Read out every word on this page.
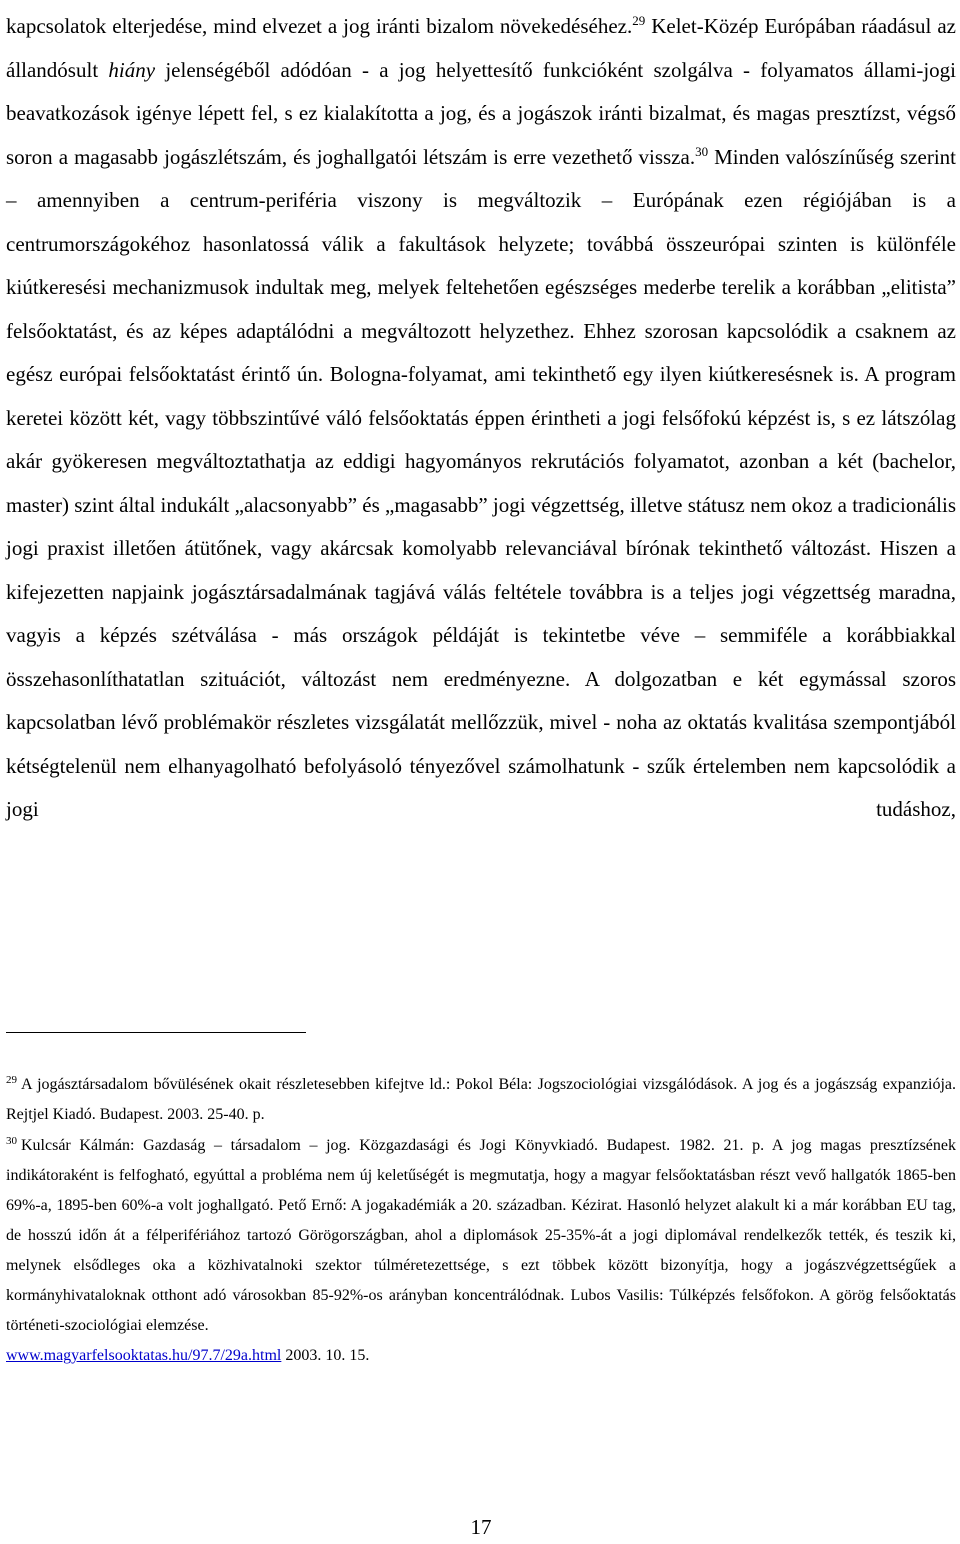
kapcsolatok elterjedése, mind elvezet a jog iránti bizalom növekedéséhez.$^{29}$ Kelet-Közép Európában ráadásul az állandósult hiány jelenségéből adódóan - a jog helyettesítő funkcióként szolgálva - folyamatos állami-jogi beavatkozások igénye lépett fel, s ez kialakította a jog, és a jogászok iránti bizalmat, és magas presztízst, végső soron a magasabb jogászlétszám, és joghallgatói létszám is erre vezethető vissza.$^{30}$ Minden valószínűség szerint – amennyiben a centrum-periféria viszony is megváltozik – Európának ezen régiójában is a centrumországokéhoz hasonlatossá válik a fakultások helyzete; továbbá összeurópai szinten is különféle kiútkeresési mechanizmusok indultak meg, melyek feltehetően egészséges mederbe terelik a korábban „elitista” felsőoktatást, és az képes adaptálódni a megváltozott helyzethez. Ehhez szorosan kapcsolódik a csaknem az egész európai felsőoktatást érintő ún. Bologna-folyamat, ami tekinthető egy ilyen kiútkeresésnek is. A program keretei között két, vagy többszintűvé váló felsőoktatás éppen érintheti a jogi felsőfokú képzést is, s ez látszólag akár gyökeresen megváltoztathatja az eddigi hagyományos rekrutációs folyamatot, azonban a két (bachelor, master) szint által indukált „alacsonyabb” és „magasabb” jogi végzettség, illetve státusz nem okoz a tradicionális jogi praxist illetően átütőnek, vagy akárcsak komolyabb relevanciával bírónak tekinthető változást. Hiszen a kifejezetten napjaink jogásztársadalmának tagjává válás feltétele továbbra is a teljes jogi végzettség maradna, vagyis a képzés szétválása - más országok példáját is tekintetbe véve – semmiféle a korábbiakkal összehasonlíthatatlan szituációt, változást nem eredményezne. A dolgozatban e két egymással szoros kapcsolatban lévő problémakör részletes vizsgálatát mellőzzük, mivel - noha az oktatás kvalitása szempontjából kétségtelenül nem elhanyagolható befolyásoló tényezővel számolhatunk - szűk értelemben nem kapcsolódik a jogi tudáshoz,

$^{29}$ A jogásztársadalom bővülésének okait részletesebben kifejtve ld.: Pokol Béla: Jogszociológiai vizsgálódások. A jog és a jogászság expanziója. Rejtjel Kiadó. Budapest. 2003. 25-40. p.

$^{30}$ Kulcsár Kálmán: Gazdaság – társadalom – jog. Közgazdasági és Jogi Könyvkiadó. Budapest. 1982. 21. p. A jog magas presztízsének indikátoraként is felfogható, egyúttal a probléma nem új keletűségét is megmutatja, hogy a magyar felsőoktatásban részt vevő hallgatók 1865-ben 69%-a, 1895-ben 60%-a volt joghallgató. Pető Ernő: A jogakadémiák a 20. században. Kézirat. Hasonló helyzet alakult ki a már korábban EU tag, de hosszú időn át a félperifériához tartozó Görögországban, ahol a diplomások 25-35%-át a jogi diplomával rendelkezők tették, és teszik ki, melynek elsődleges oka a közhivatalnoki szektor túlméretezettsége, s ezt többek között bizonyítja, hogy a jogászvégzettségűek a kormányhivataloknak otthont adó városokban 85-92%-os arányban koncentrálódnak. Lubos Vasilis: Túlképzés felsőfokon. A görög felsőoktatás történeti-szociológiai elemzése.
www.magyarfelsooktatas.hu/97.7/29a.html 2003. 10. 15.

17
